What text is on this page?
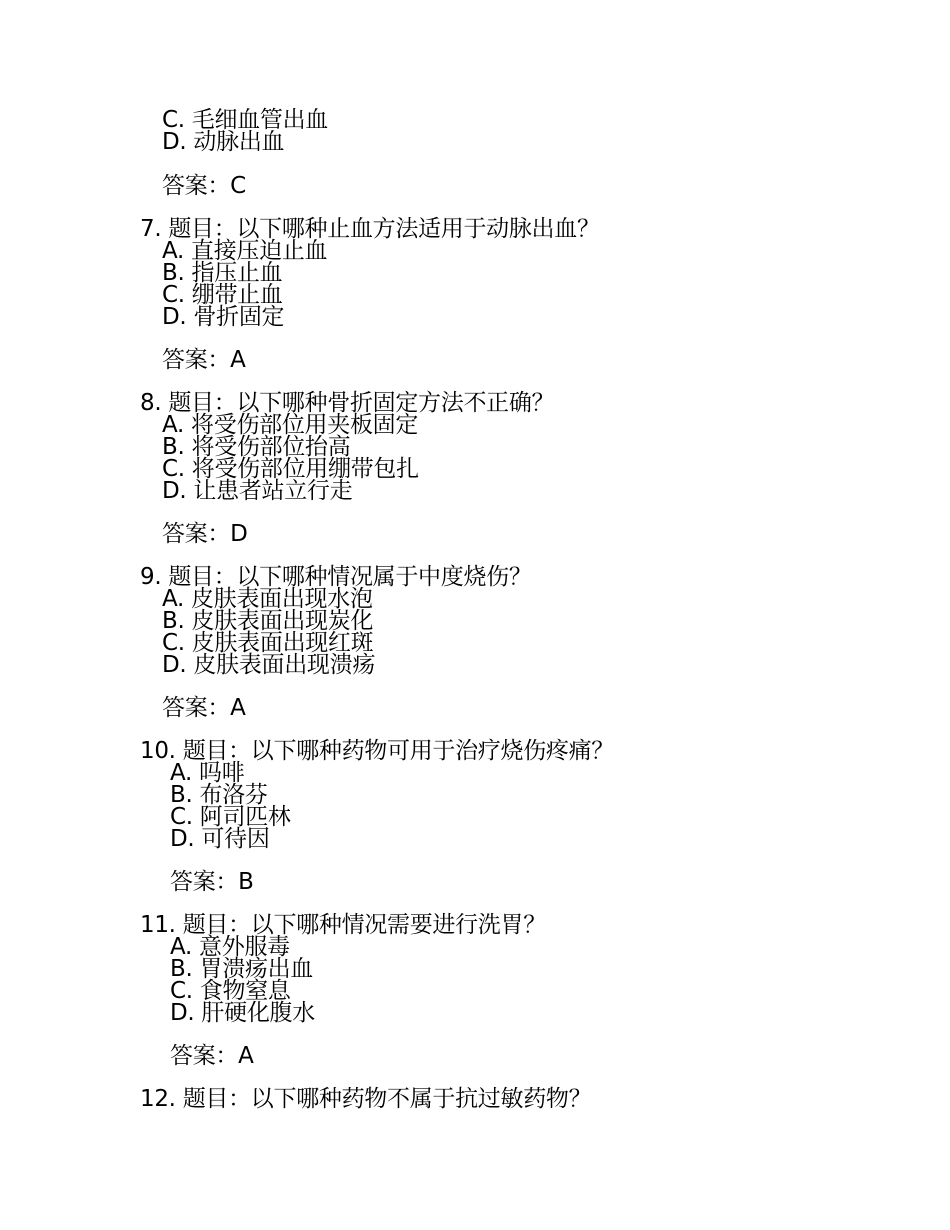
C. 毛细血管出血
D. 动脉出血
答案：C
7. 题目：以下哪种止血方法适用于动脉出血？
A. 直接压迫止血
B. 指压止血
C. 绷带止血
D. 骨折固定
答案：A
8. 题目：以下哪种骨折固定方法不正确？
A. 将受伤部位用夹板固定
B. 将受伤部位抬高
C. 将受伤部位用绷带包扎
D. 让患者站立行走
答案：D
9. 题目：以下哪种情况属于中度烧伤？
A. 皮肤表面出现水泡
B. 皮肤表面出现炭化
C. 皮肤表面出现红斑
D. 皮肤表面出现溃疡
答案：A
10. 题目：以下哪种药物可用于治疗烧伤疼痛？
A. 吗啡
B. 布洛芬
C. 阿司匹林
D. 可待因
答案：B
11. 题目：以下哪种情况需要进行洗胃？
A. 意外服毒
B. 胃溃疡出血
C. 食物窒息
D. 肝硬化腹水
答案：A
12. 题目：以下哪种药物不属于抗过敏药物？
